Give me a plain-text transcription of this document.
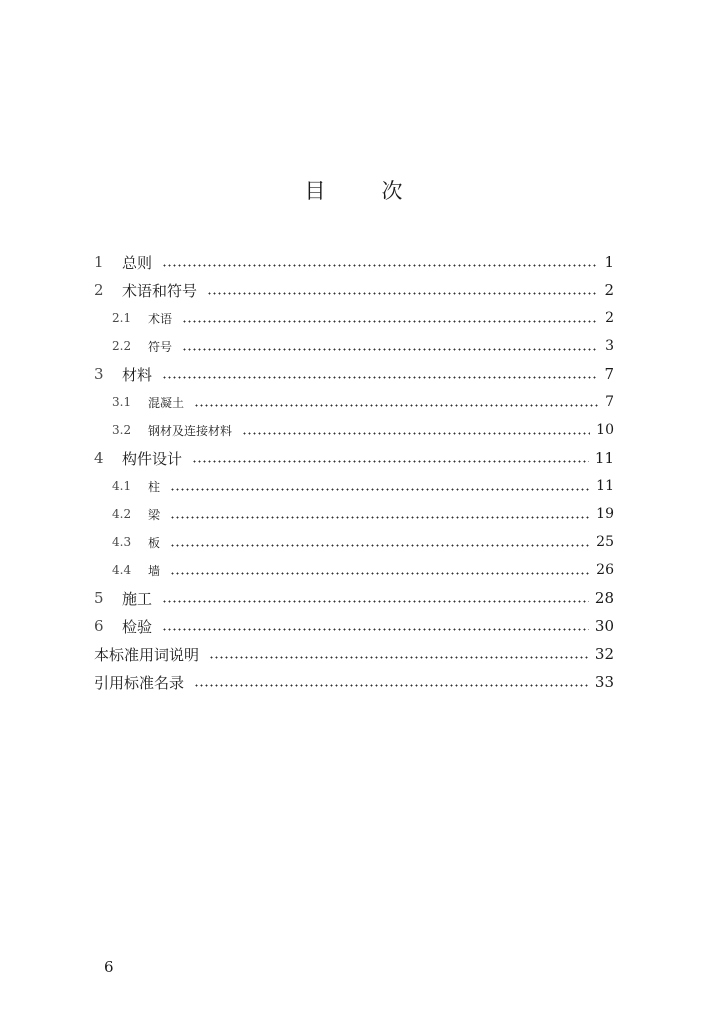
目	次
1	总则	1
2	术语和符号	2
2.1	术语	2
2.2	符号	3
3	材料	7
3.1	混凝土	7
3.2	钢材及连接材料	10
4	构件设计	11
4.1	柱	11
4.2	梁	19
4.3	板	25
4.4	墙	26
5	施工	28
6	检验	30
本标准用词说明	32
引用标准名录	33
6
